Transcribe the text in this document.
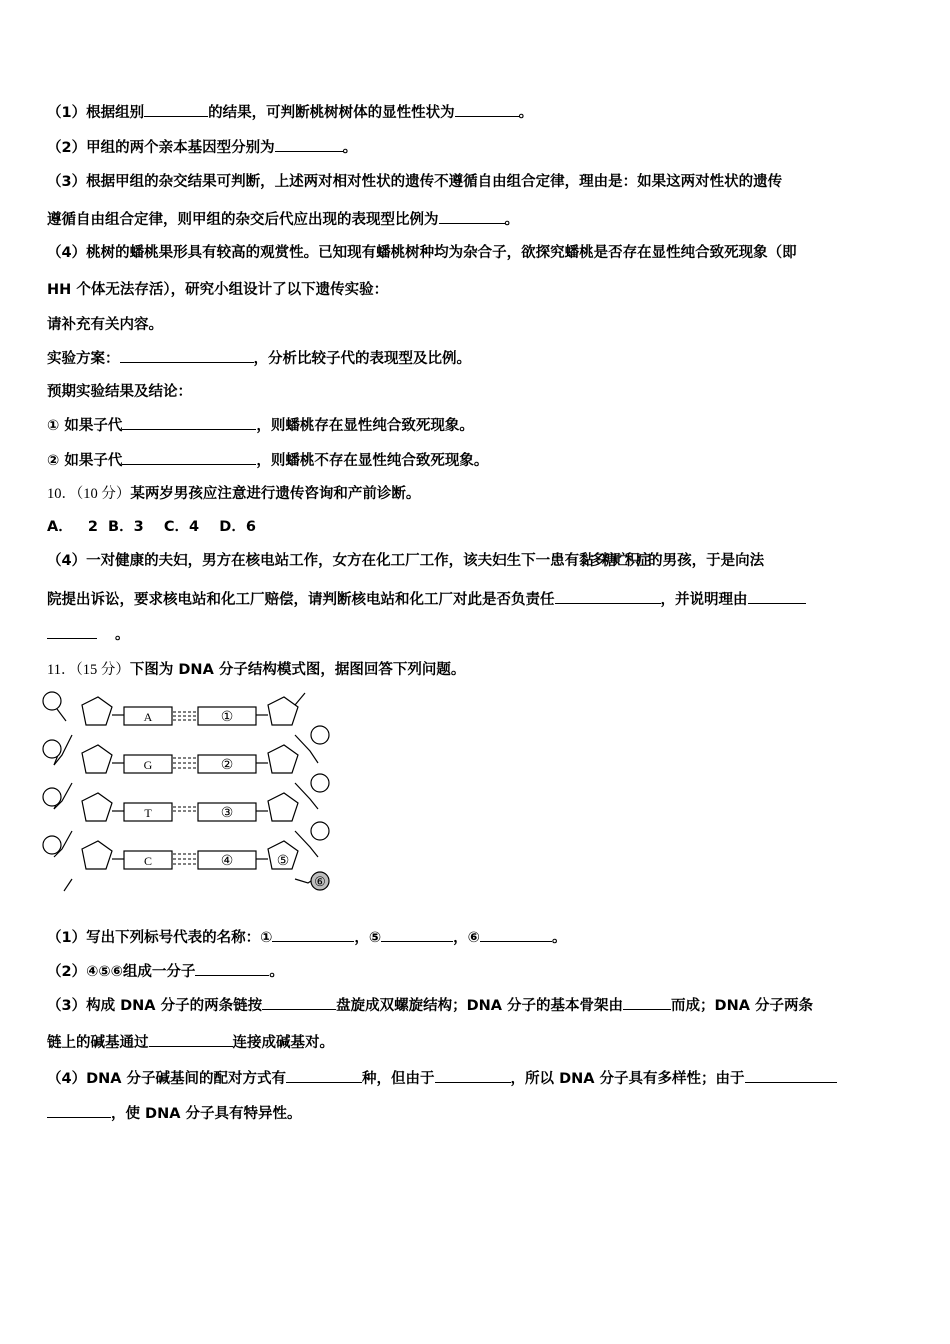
（1）根据组别	的结果，可判断桃树树体的显性性状为	。
（2）甲组的两个亲本基因型分别为	。
（3）根据甲组的杂交结果可判断，上述两对相对性状的遗传不遵循自由组合定律，理由是：如果这两对性状的遗传
遵循自由组合定律，则甲组的杂交后代应出现的表现型比例为	。
（4）桃树的蟠桃果形具有较高的观赏性。已知现有蟠桃树种均为杂合子，欲探究蟠桃是否存在显性纯合致死现象（即
HH 个体无法存活），研究小组设计了以下遗传实验：
请补充有关内容。
实验方案：	，分析比较子代的表现型及比例。
预期实验结果及结论：
① 如果子代	，则蟠桃存在显性纯合致死现象。
② 如果子代	，则蟠桃不存在显性纯合致死现象。
10．（10 分）某两岁男孩应注意进行遗传咨询和产前诊断。
A．   2  B．3    C．4    D．6
（4）一对健康的夫妇，男方在核电站工作，女方在化工厂工作，该夫妇生下一患有黏多糖贮积症的男孩，于是向法
院提出诉讼，要求核电站和化工厂赔偿，请判断核电站和化工厂对此是否负责任	，并说明理由
。
11．（15 分）下图为 DNA 分子结构模式图，据图回答下列问题。
A
G
T
C
①
②
③
④	⑤
⑥
（1）写出下列标号代表的名称：①	，⑤	，⑥	。
（2）④⑤⑥组成一分子	。
（3）构成 DNA 分子的两条链按	盘旋成双螺旋结构；DNA 分子的基本骨架由	而成；DNA 分子两条
链上的碱基通过	连接成碱基对。
（4）DNA 分子碱基间的配对方式有	种，但由于	，所以 DNA 分子具有多样性；由于
，使 DNA 分子具有特异性。
